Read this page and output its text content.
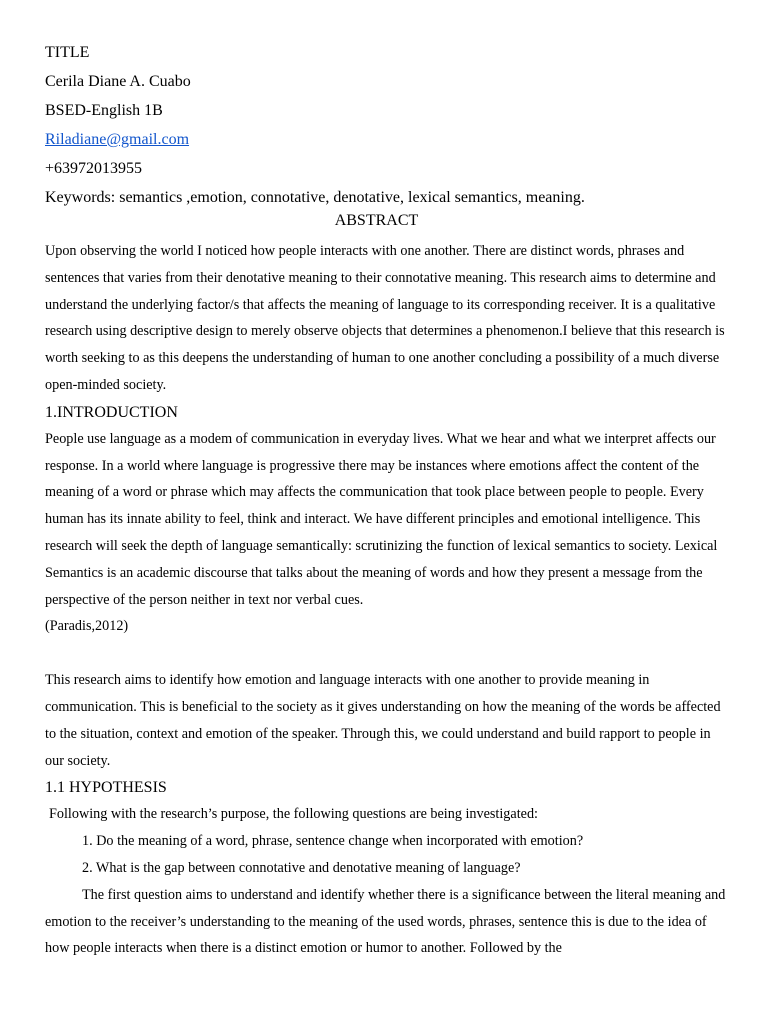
TITLE
Cerila Diane A. Cuabo
BSED-English 1B
Riladiane@gmail.com
+63972013955
Keywords: semantics ,emotion, connotative, denotative, lexical semantics, meaning.
ABSTRACT

Upon observing the world I noticed how people interacts with one another. There are distinct words, phrases and sentences that varies from their denotative meaning to their connotative meaning. This research aims to determine and understand the underlying factor/s that affects the meaning of language to its corresponding receiver. It is a qualitative research using descriptive design to merely observe objects that determines a phenomenon.I believe that this research is worth seeking to as this deepens the understanding of human to one another concluding a possibility of a much diverse open-minded society.

1.INTRODUCTION

People use language as a modem of communication in everyday lives. What we hear and what we interpret affects our response. In a world where language is progressive there may be instances where emotions affect the content of the meaning of a word or phrase which may affects the communication that took place between people to people. Every human has its innate ability to feel, think and interact. We have different principles and emotional intelligence. This research will seek the depth of language semantically: scrutinizing the function of lexical semantics to society. Lexical Semantics is an academic discourse that talks about the meaning of words and how they present a message from the perspective of the person neither in text nor verbal cues.

(Paradis,2012)

This research aims to identify how emotion and language interacts with one another to provide meaning in communication. This is beneficial to the society as it gives understanding on how the meaning of the words be affected to the situation, context and emotion of the speaker. Through this, we could understand and build rapport to people in our society.

1.1 HYPOTHESIS

Following with the research’s purpose, the following questions are being investigated:

1. Do the meaning of a word, phrase, sentence change when incorporated with emotion?

2. What is the gap between connotative and denotative meaning of language?

The first question aims to understand and identify whether there is a significance between the literal meaning and emotion to the receiver’s understanding to the meaning of the used words, phrases, sentence this is due to the idea of how people interacts when there is a distinct emotion or humor to another. Followed by the
